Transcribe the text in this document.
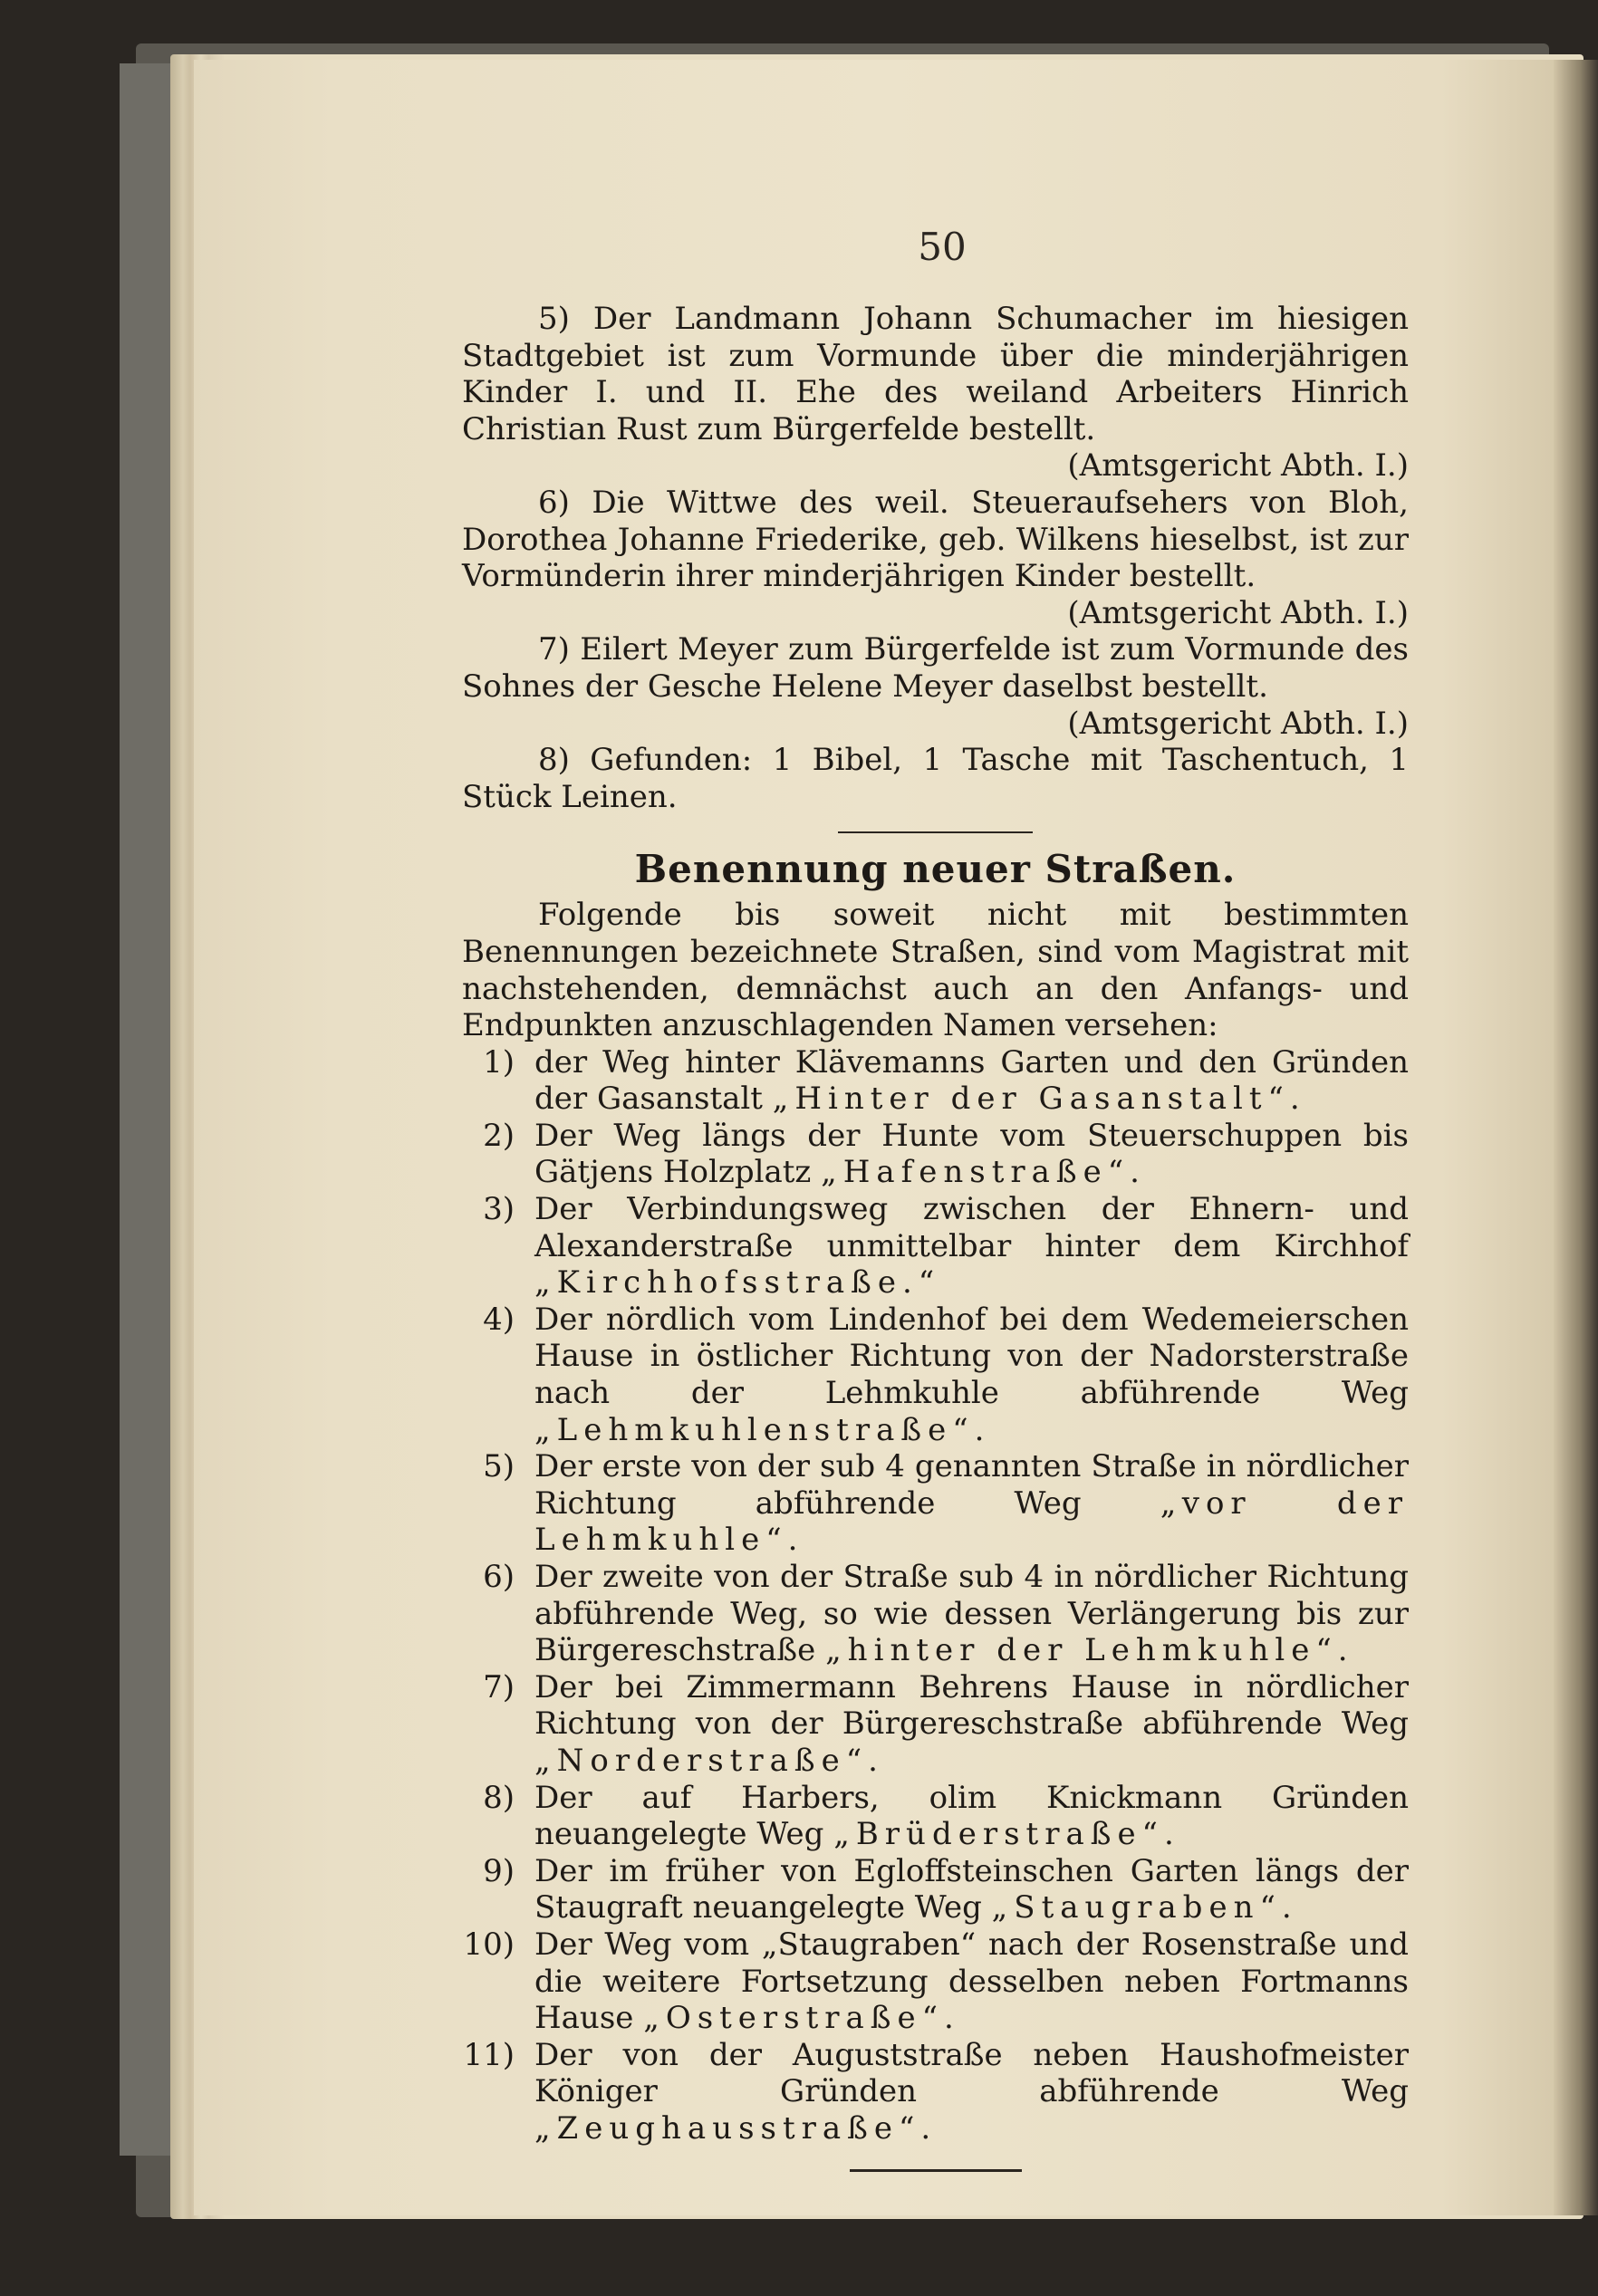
50

5) Der Landmann Johann Schumacher im hiesigen Stadtgebiet ist zum Vormunde über die minderjährigen Kinder I. und II. Ehe des weiland Arbeiters Hinrich Christian Rust zum Bürgerfelde bestellt.

(Amtsgericht Abth. I.)

6) Die Wittwe des weil. Steueraufsehers von Bloh, Dorothea Johanne Friederike, geb. Wilkens hieselbst, ist zur Vormünderin ihrer minderjährigen Kinder bestellt.

(Amtsgericht Abth. I.)

7) Eilert Meyer zum Bürgerfelde ist zum Vormunde des Sohnes der Gesche Helene Meyer daselbst bestellt.

(Amtsgericht Abth. I.)

8) Gefunden: 1 Bibel, 1 Tasche mit Taschentuch, 1 Stück Leinen.

Benennung neuer Straßen.

Folgende bis soweit nicht mit bestimmten Benennungen bezeichnete Straßen, sind vom Magistrat mit nachstehenden, demnächst auch an den Anfangs- und Endpunkten anzuschlagenden Namen versehen:

1) der Weg hinter Klävemanns Garten und den Gründen der Gasanstalt „Hinter der Gasanstalt“.
2) Der Weg längs der Hunte vom Steuerschuppen bis Gätjens Holzplatz „Hafenstraße“.
3) Der Verbindungsweg zwischen der Ehnern- und Alexanderstraße unmittelbar hinter dem Kirchhof „Kirchhofsstraße.“
4) Der nördlich vom Lindenhof bei dem Wedemeierschen Hause in östlicher Richtung von der Nadorsterstraße nach der Lehmkuhle abführende Weg „Lehmkuhlenstraße“.
5) Der erste von der sub 4 genannten Straße in nördlicher Richtung abführende Weg „vor der Lehmkuhle“.
6) Der zweite von der Straße sub 4 in nördlicher Richtung abführende Weg, so wie dessen Verlängerung bis zur Bürgereschstraße „hinter der Lehmkuhle“.
7) Der bei Zimmermann Behrens Hause in nördlicher Richtung von der Bürgereschstraße abführende Weg „Norderstraße“.
8) Der auf Harbers, olim Knickmann Gründen neuangelegte Weg „Brüderstraße“.
9) Der im früher von Egloffsteinschen Garten längs der Staugraft neuangelegte Weg „Staugraben“.
10) Der Weg vom „Staugraben“ nach der Rosenstraße und die weitere Fortsetzung desselben neben Fortmanns Hause „Osterstraße“.
11) Der von der Auguststraße neben Haushofmeister Königer Gründen abführende Weg „Zeughausstraße“.
